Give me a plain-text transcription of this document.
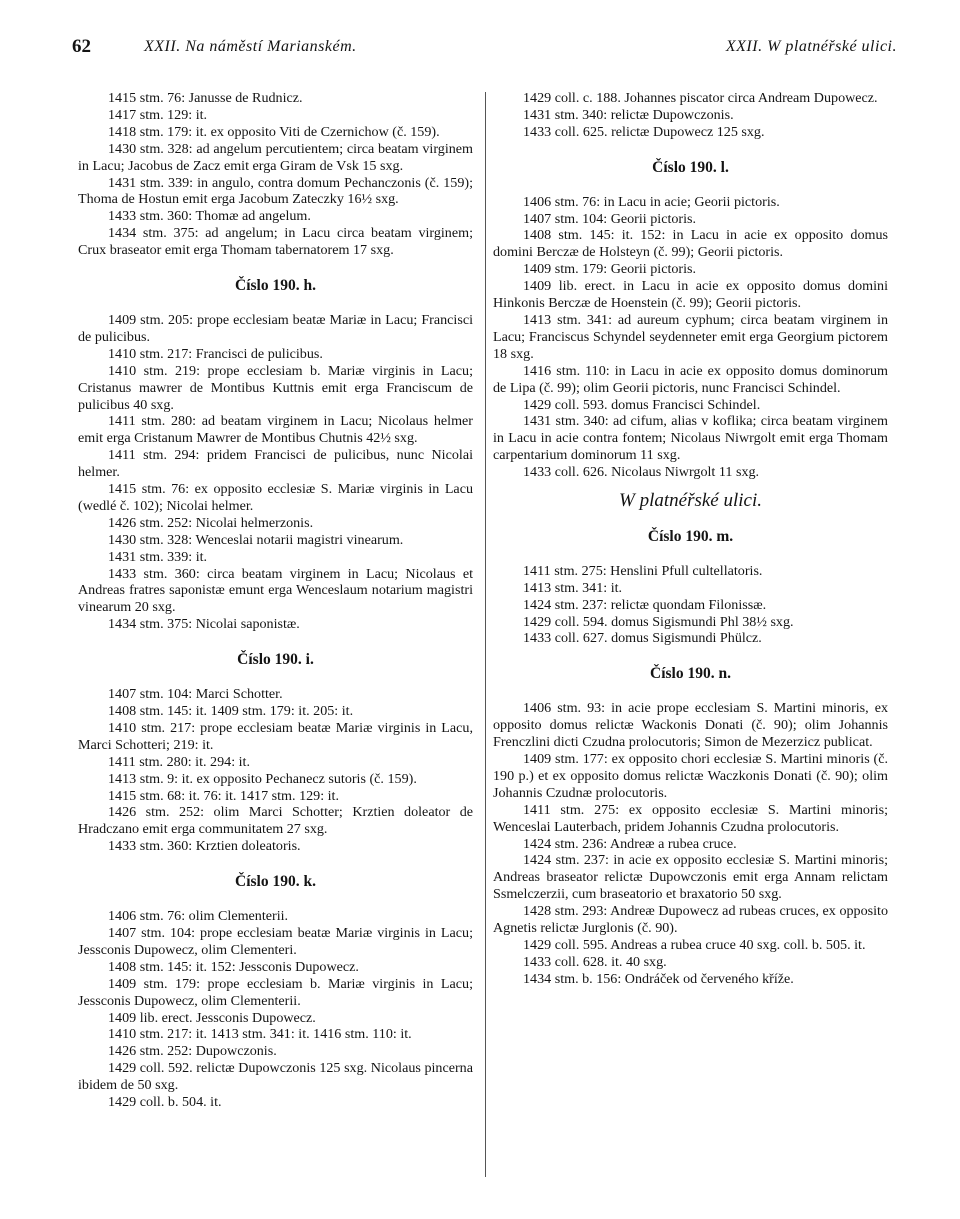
62	XXII. Na náměstí Marianském.	XXII. W platnéřské ulici.

1415 stm. 76: Janusse de Rudnicz.

1417 stm. 129: it.

1418 stm. 179: it. ex opposito Viti de Czernichow (č. 159).

1430 stm. 328: ad angelum percutientem; circa beatam virginem in Lacu; Jacobus de Zacz emit erga Giram de Vsk 15 sxg.

1431 stm. 339: in angulo, contra domum Pechanczonis (č. 159); Thoma de Hostun emit erga Jacobum Zateczky 16½ sxg.

1433 stm. 360: Thomæ ad angelum.

1434 stm. 375: ad angelum; in Lacu circa beatam virginem; Crux braseator emit erga Thomam tabernatorem 17 sxg.

Číslo 190. h.

1409 stm. 205: prope ecclesiam beatæ Mariæ in Lacu; Francisci de pulicibus.

1410 stm. 217: Francisci de pulicibus.

1410 stm. 219: prope ecclesiam b. Mariæ virginis in Lacu; Cristanus mawrer de Montibus Kuttnis emit erga Franciscum de pulicibus 40 sxg.

1411 stm. 280: ad beatam virginem in Lacu; Nicolaus helmer emit erga Cristanum Mawrer de Montibus Chutnis 42½ sxg.

1411 stm. 294: pridem Francisci de pulicibus, nunc Nicolai helmer.

1415 stm. 76: ex opposito ecclesiæ S. Mariæ virginis in Lacu (wedlé č. 102); Nicolai helmer.

1426 stm. 252: Nicolai helmerzonis.

1430 stm. 328: Wenceslai notarii magistri vinearum.

1431 stm. 339: it.

1433 stm. 360: circa beatam virginem in Lacu; Nicolaus et Andreas fratres saponistæ emunt erga Wenceslaum notarium magistri vinearum 20 sxg.

1434 stm. 375: Nicolai saponistæ.

Číslo 190. i.

1407 stm. 104: Marci Schotter.

1408 stm. 145: it. 1409 stm. 179: it. 205: it.

1410 stm. 217: prope ecclesiam beatæ Mariæ virginis in Lacu, Marci Schotteri; 219: it.

1411 stm. 280: it. 294: it.

1413 stm. 9: it. ex opposito Pechanecz sutoris (č. 159).

1415 stm. 68: it. 76: it. 1417 stm. 129: it.

1426 stm. 252: olim Marci Schotter; Krztien doleator de Hradczano emit erga communitatem 27 sxg.

1433 stm. 360: Krztien doleatoris.

Číslo 190. k.

1406 stm. 76: olim Clementerii.

1407 stm. 104: prope ecclesiam beatæ Mariæ virginis in Lacu; Jessconis Dupowecz, olim Clementeri.

1408 stm. 145: it. 152: Jessconis Dupowecz.

1409 stm. 179: prope ecclesiam b. Mariæ virginis in Lacu; Jessconis Dupowecz, olim Clementerii.

1409 lib. erect. Jessconis Dupowecz.

1410 stm. 217: it. 1413 stm. 341: it. 1416 stm. 110: it.

1426 stm. 252: Dupowczonis.

1429 coll. 592. relictæ Dupowczonis 125 sxg. Nicolaus pincerna ibidem de 50 sxg.

1429 coll. b. 504. it.

1429 coll. c. 188. Johannes piscator circa Andream Dupowecz.

1431 stm. 340: relictæ Dupowczonis.

1433 coll. 625. relictæ Dupowecz 125 sxg.

Číslo 190. l.

1406 stm. 76: in Lacu in acie; Georii pictoris.

1407 stm. 104: Georii pictoris.

1408 stm. 145: it. 152: in Lacu in acie ex opposito domus domini Berczæ de Holsteyn (č. 99); Georii pictoris.

1409 stm. 179: Georii pictoris.

1409 lib. erect. in Lacu in acie ex opposito domus domini Hinkonis Berczæ de Hoenstein (č. 99); Georii pictoris.

1413 stm. 341: ad aureum cyphum; circa beatam virginem in Lacu; Franciscus Schyndel seydenneter emit erga Georgium pictorem 18 sxg.

1416 stm. 110: in Lacu in acie ex opposito domus dominorum de Lipa (č. 99); olim Georii pictoris, nunc Francisci Schindel.

1429 coll. 593. domus Francisci Schindel.

1431 stm. 340: ad cifum, alias v koflika; circa beatam virginem in Lacu in acie contra fontem; Nicolaus Niwrgolt emit erga Thomam carpentarium dominorum 11 sxg.

1433 coll. 626. Nicolaus Niwrgolt 11 sxg.

W platnéřské ulici.

Číslo 190. m.

1411 stm. 275: Henslini Pfull cultellatoris.

1413 stm. 341: it.

1424 stm. 237: relictæ quondam Filonissæ.

1429 coll. 594. domus Sigismundi Phl 38½ sxg.

1433 coll. 627. domus Sigismundi Phülcz.

Číslo 190. n.

1406 stm. 93: in acie prope ecclesiam S. Martini minoris, ex opposito domus relictæ Wackonis Donati (č. 90); olim Johannis Frenczlini dicti Czudna prolocutoris; Simon de Mezerzicz publicat.

1409 stm. 177: ex opposito chori ecclesiæ S. Martini minoris (č. 190 p.) et ex opposito domus relictæ Waczkonis Donati (č. 90); olim Johannis Czudnæ prolocutoris.

1411 stm. 275: ex opposito ecclesiæ S. Martini minoris; Wenceslai Lauterbach, pridem Johannis Czudna prolocutoris.

1424 stm. 236: Andreæ a rubea cruce.

1424 stm. 237: in acie ex opposito ecclesiæ S. Martini minoris; Andreas braseator relictæ Dupowczonis emit erga Annam relictam Ssmelczerzii, cum braseatorio et braxatorio 50 sxg.

1428 stm. 293: Andreæ Dupowecz ad rubeas cruces, ex opposito Agnetis relictæ Jurglonis (č. 90).

1429 coll. 595. Andreas a rubea cruce 40 sxg. coll. b. 505. it.

1433 coll. 628. it. 40 sxg.

1434 stm. b. 156: Ondráček od červeného kříže.
